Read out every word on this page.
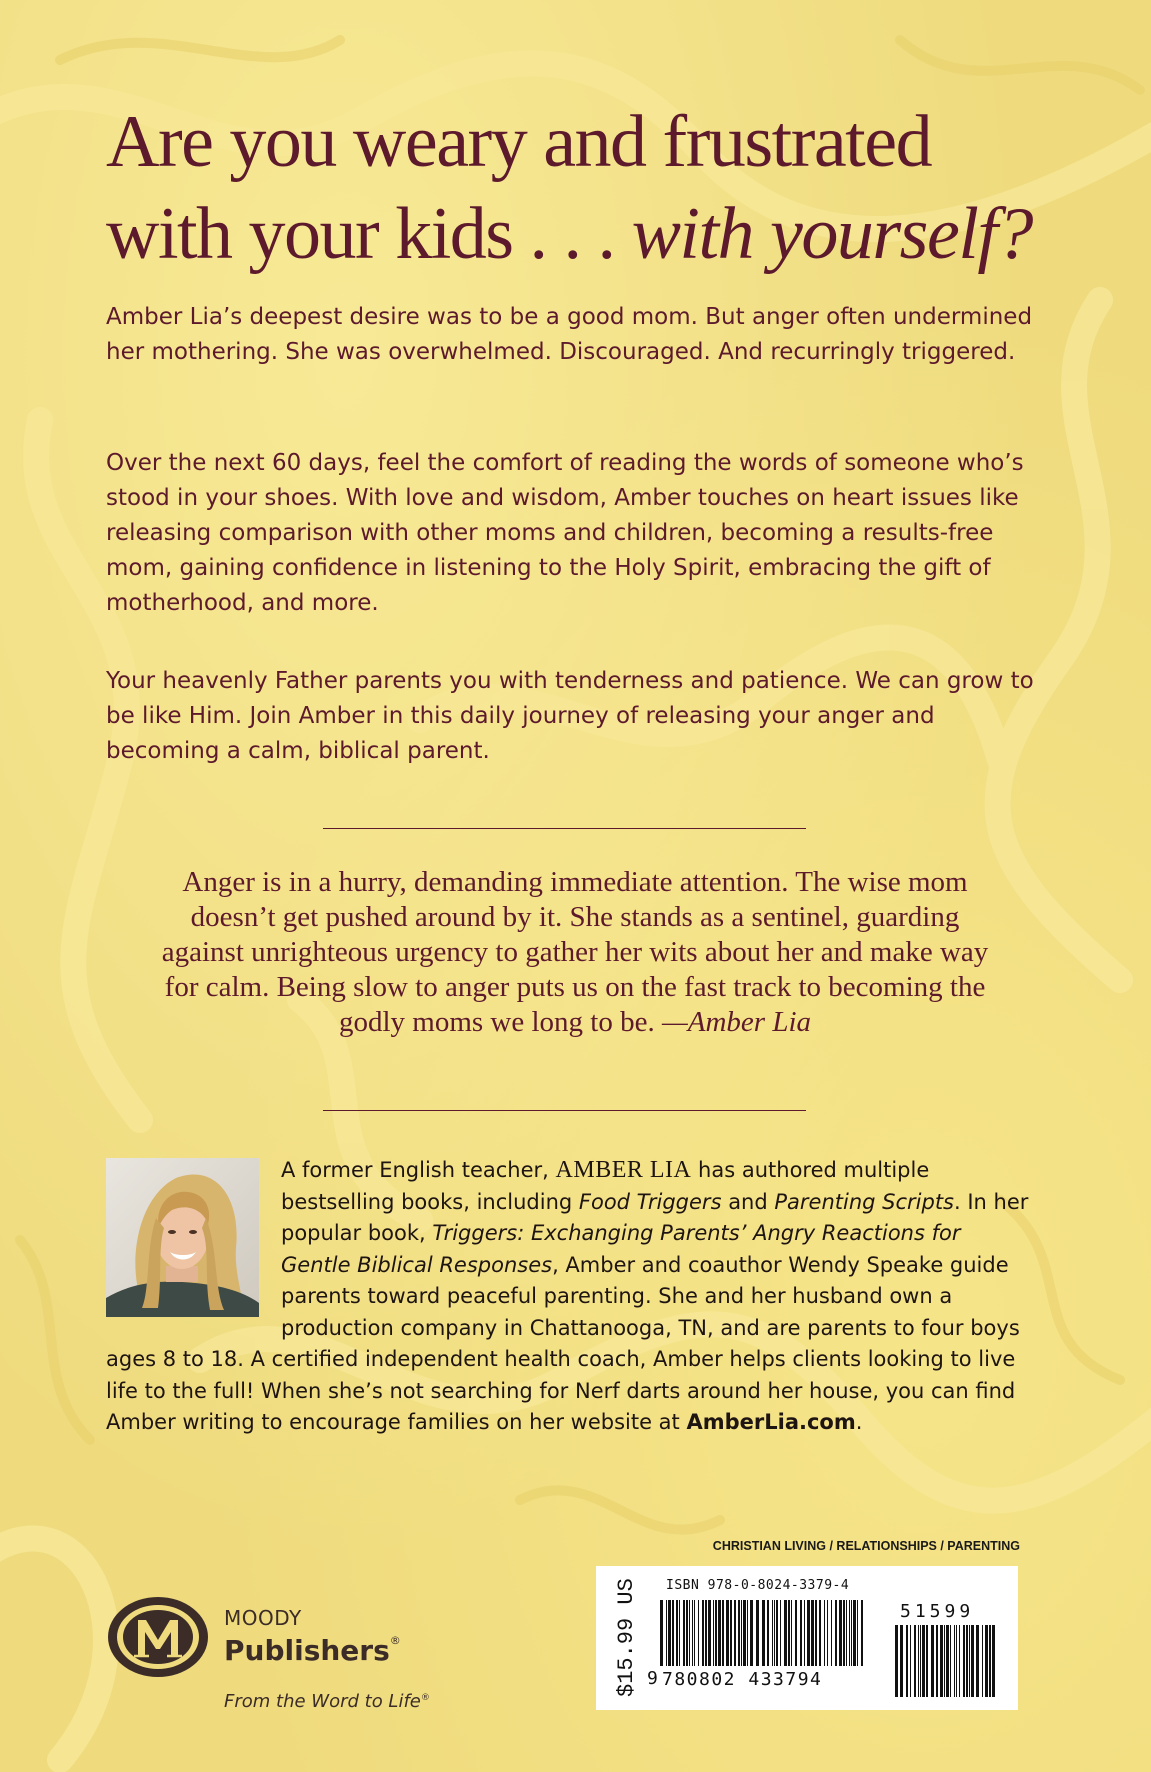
Are you weary and frustrated
with your kids . . . with yourself?

Amber Lia’s deepest desire was to be a good mom. But anger often undermined her mothering. She was overwhelmed. Discouraged. And recurringly triggered.

Over the next 60 days, feel the comfort of reading the words of someone who’s stood in your shoes. With love and wisdom, Amber touches on heart issues like releasing comparison with other moms and children, becoming a results-free mom, gaining confidence in listening to the Holy Spirit, embracing the gift of motherhood, and more.

Your heavenly Father parents you with tenderness and patience. We can grow to be like Him. Join Amber in this daily journey of releasing your anger and becoming a calm, biblical parent.

Anger is in a hurry, demanding immediate attention. The wise mom doesn’t get pushed around by it. She stands as a sentinel, guarding against unrighteous urgency to gather her wits about her and make way for calm. Being slow to anger puts us on the fast track to becoming the godly moms we long to be. —Amber Lia

A former English teacher, AMBER LIA has authored multiple bestselling books, including Food Triggers and Parenting Scripts. In her popular book, Triggers: Exchanging Parents’ Angry Reactions for Gentle Biblical Responses, Amber and coauthor Wendy Speake guide parents toward peaceful parenting. She and her husband own a production company in Chattanooga, TN, and are parents to four boys ages 8 to 18. A certified independent health coach, Amber helps clients looking to live life to the full! When she’s not searching for Nerf darts around her house, you can find Amber writing to encourage families on her website at AmberLia.com.

CHRISTIAN LIVING / RELATIONSHIPS / PARENTING

$15.99 US ISBN 978-0-8024-3379-4
51599
9 780802 433794
MOODY
Publishers®
From the Word to Life®
